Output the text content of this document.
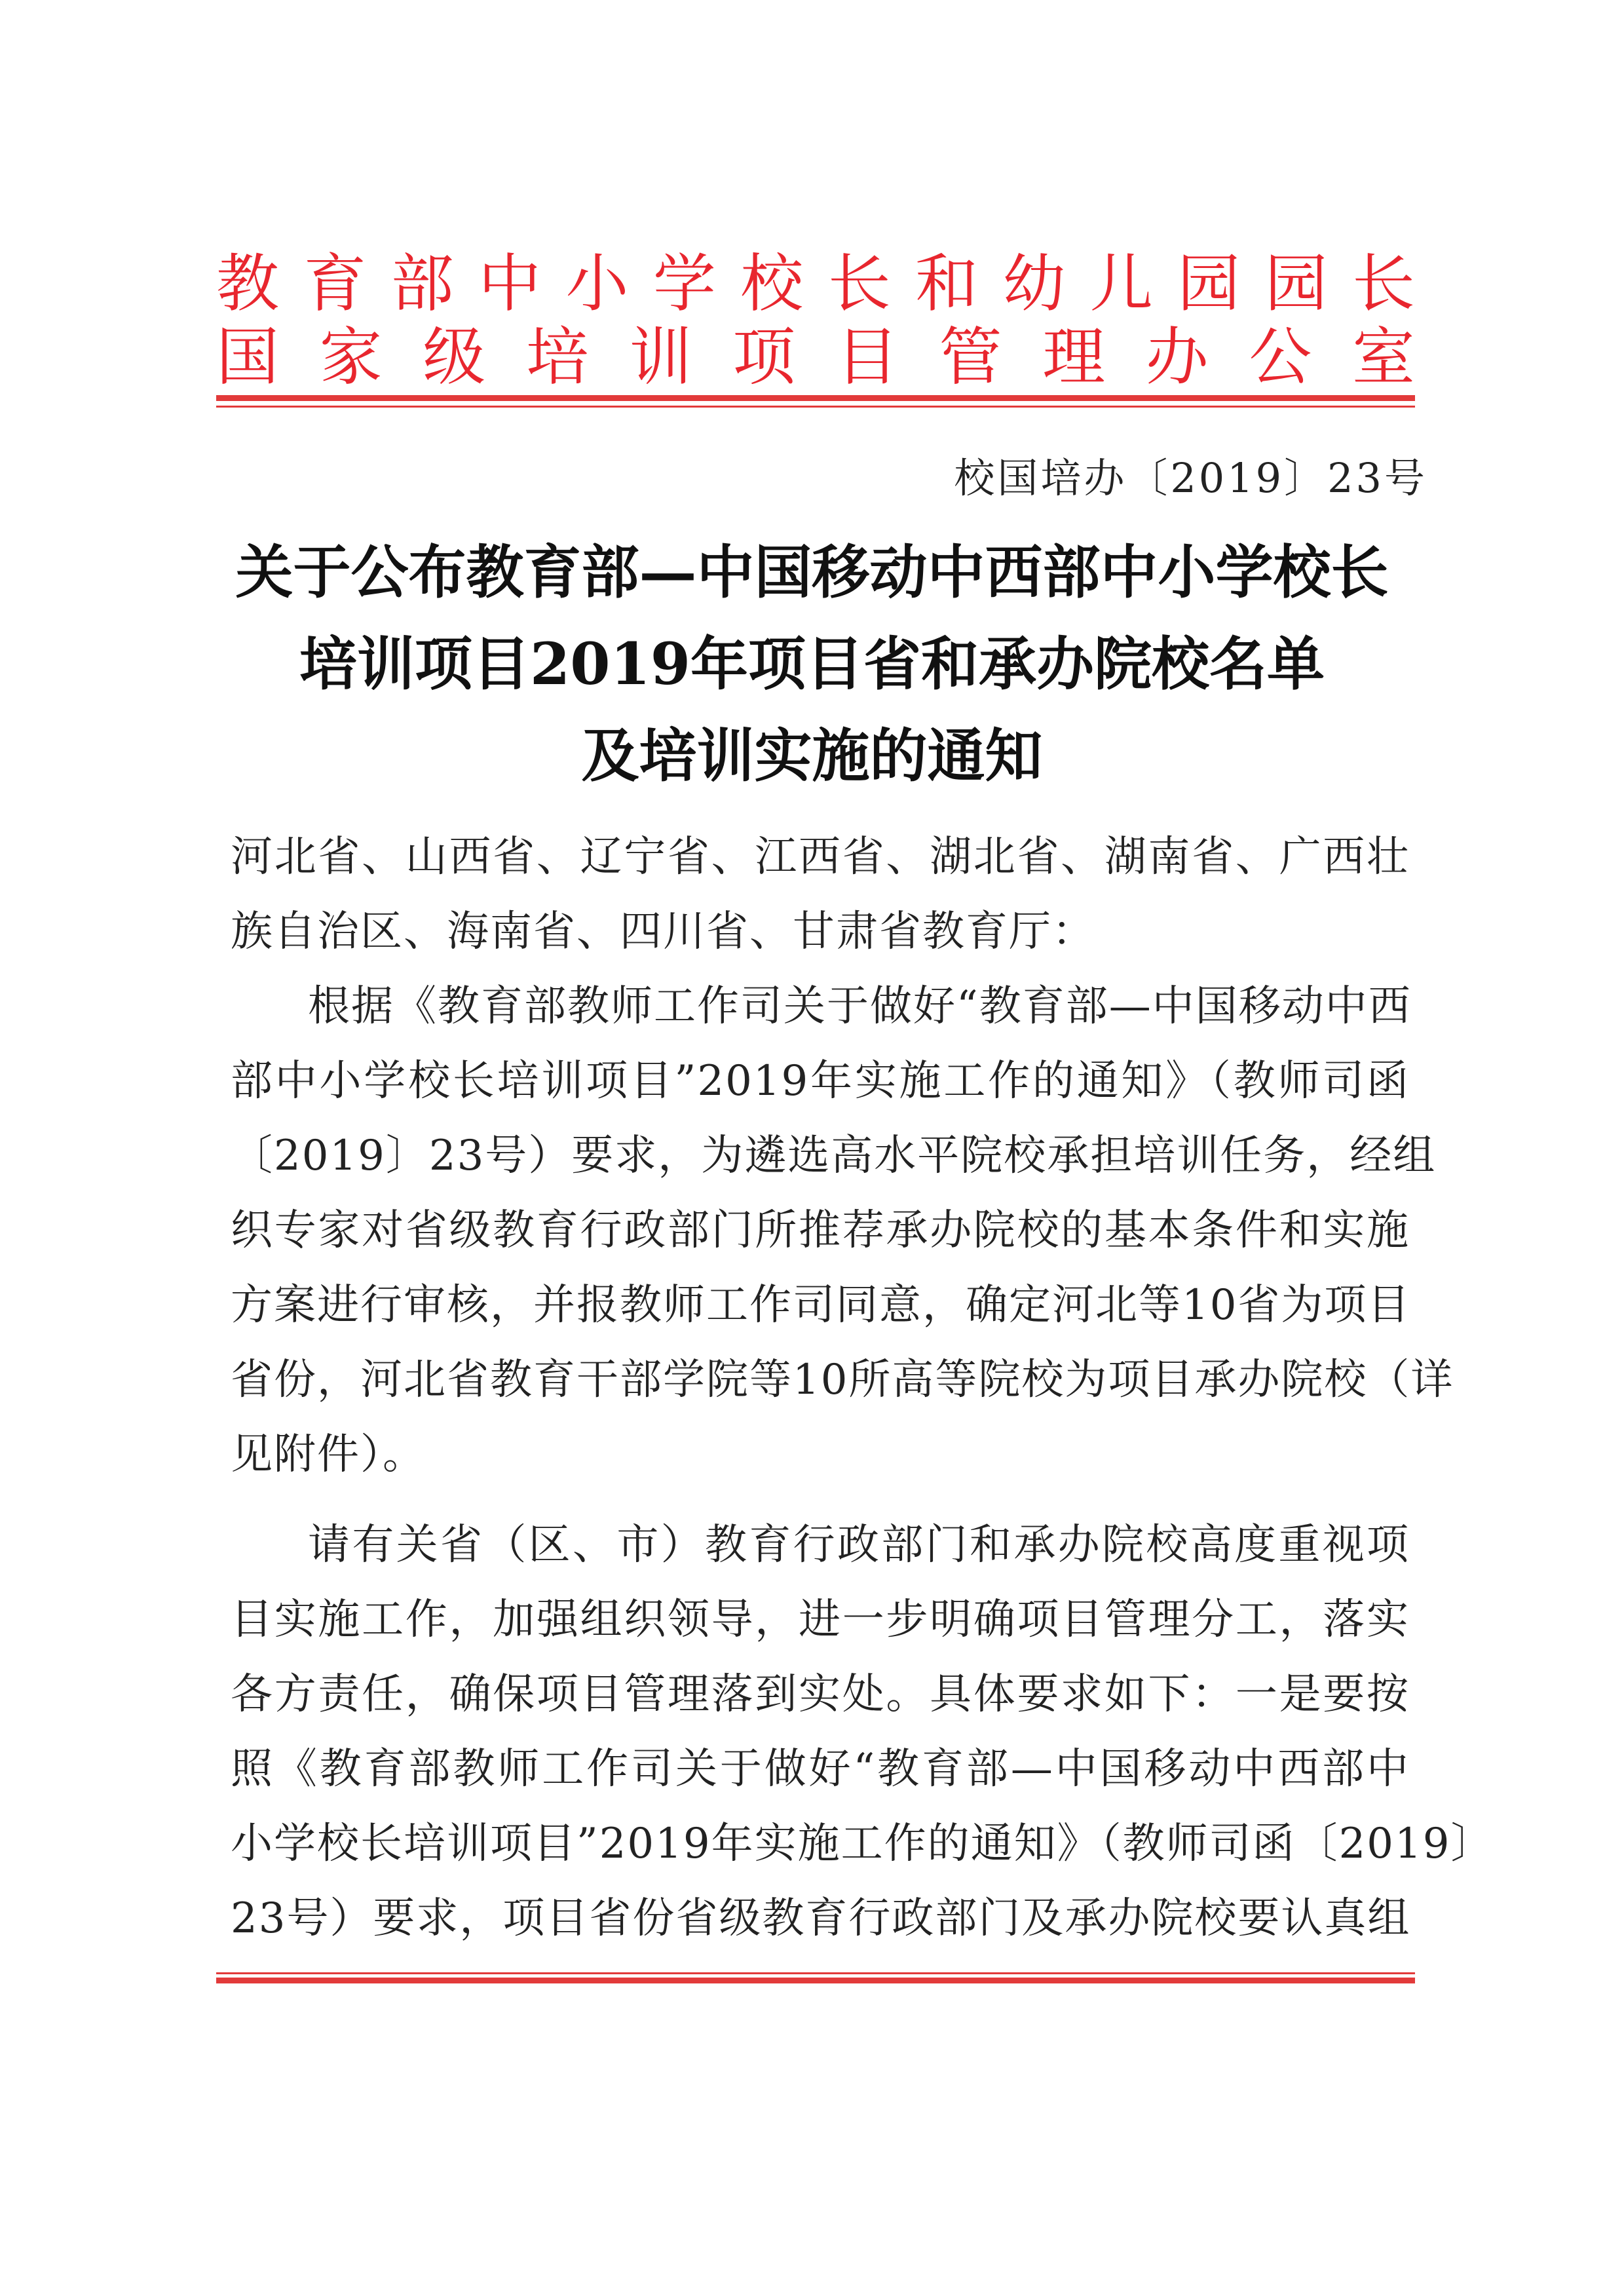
教育部中小学校长和幼儿园园长
国家级培训项目管理办公室
校国培办〔2019〕23号
关于公布教育部—中国移动中西部中小学校长
培训项目2019年项目省和承办院校名单
及培训实施的通知
河北省、山西省、辽宁省、江西省、湖北省、湖南省、广西壮
族自治区、海南省、四川省、甘肃省教育厅：
根据《教育部教师工作司关于做好“教育部—中国移动中西
部中小学校长培训项目”2019年实施工作的通知》（教师司函
〔2019〕23号）要求，为遴选高水平院校承担培训任务，经组
织专家对省级教育行政部门所推荐承办院校的基本条件和实施
方案进行审核，并报教师工作司同意，确定河北等10省为项目
省份，河北省教育干部学院等10所高等院校为项目承办院校（详
见附件）。
请有关省（区、市）教育行政部门和承办院校高度重视项
目实施工作，加强组织领导，进一步明确项目管理分工，落实
各方责任，确保项目管理落到实处。具体要求如下：一是要按
照《教育部教师工作司关于做好“教育部—中国移动中西部中
小学校长培训项目”2019年实施工作的通知》（教师司函〔2019〕
23号）要求，项目省份省级教育行政部门及承办院校要认真组
